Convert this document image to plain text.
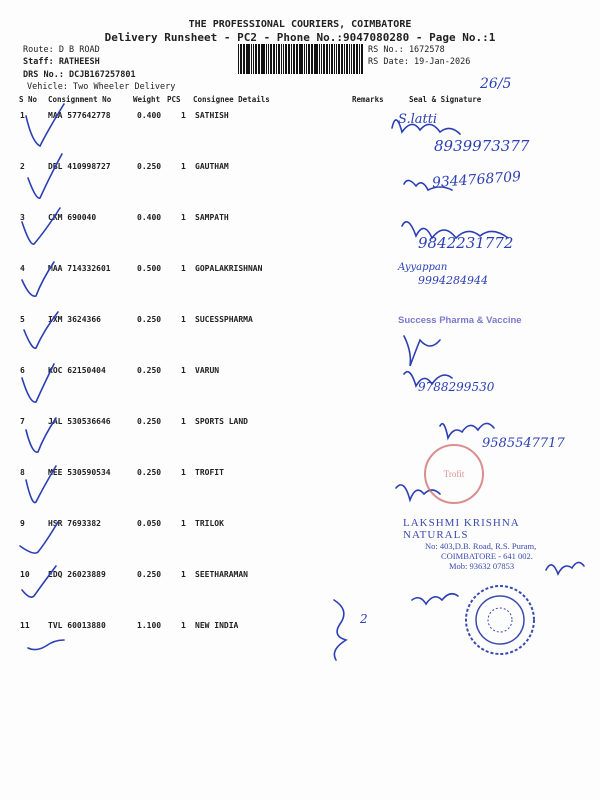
THE PROFESSIONAL COURIERS, COIMBATORE
Delivery Runsheet - PC2 - Phone No.:9047080280 - Page No.:1
Route: D B ROAD
Staff: RATHEESH
DRS No.: DCJB167257801
Vehicle: Two Wheeler Delivery
RS No.: 1672578
RS Date: 19-Jan-2026
26/5
S No Consignment No	Weight PCS Consignee Details	Remarks	Seal & Signature
1	MAA 577642778	0.400 1 SATHISH
2	DBL 410998727	0.250 1 GAUTHAM
3	CKM 690040	0.400 1 SAMPATH
4	MAA 714332601	0.500 1 GOPALAKRISHNAN
5	IXM 3624366	0.250 1 SUCESSPHARMA
6	KOC 62150404	0.250 1 VARUN
7	JAL 530536646	0.250 1 SPORTS LAND
8	MEE 530590534	0.250 1 TROFIT
9	HSR 7693382	0.050 1 TRILOK
10 EDQ 26023889	0.250 1 SEETHARAMAN
11 TVL 60013880	1.100 1 NEW INDIA
8939973377
S.latti
9344768709
9842231772
Ayyappan
9994284944
9788299530
9585547717
2
Success Pharma & Vaccine
Trofit
LAKSHMI KRISHNA NATURALS
No: 403,D.B. Road, R.S. Puram,
COIMBATORE - 641 002.
Mob: 93632 07853
